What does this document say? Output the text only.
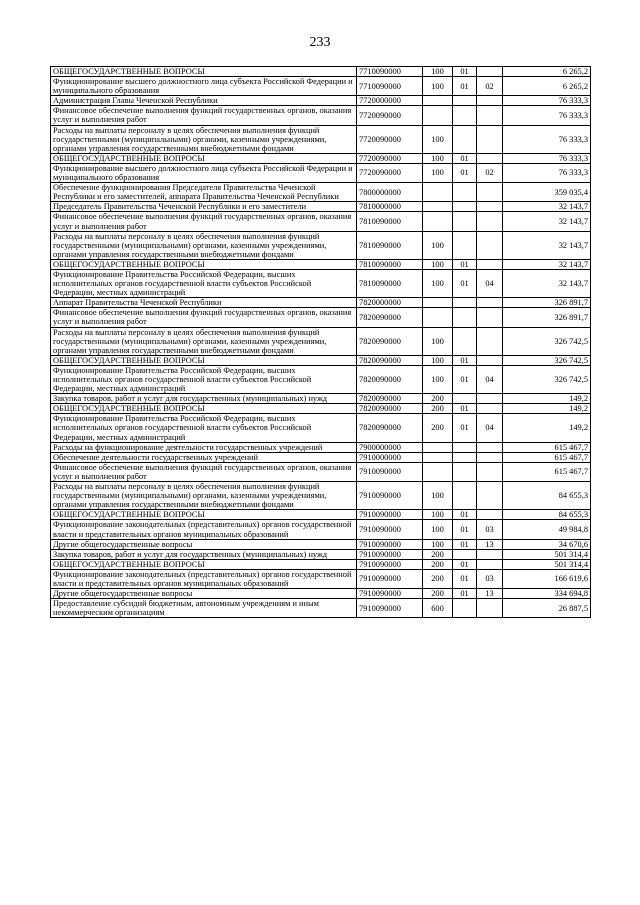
233
ОБЩЕГОСУДАРСТВЕННЫЕ ВОПРОСЫ	7710090000	100	01		6 265,2
Функционирование высшего должностного лица субъекта Российской Федерации и муниципального образования	7710090000	100	01	02	6 265,2
Администрация Главы Чеченской Республики	7720000000				76 333,3
Финансовое обеспечение выполнения функций государственных органов, оказания услуг и выполнения работ	7720090000				76 333,3
Расходы на выплаты персоналу в целях обеспечения выполнения функций государственными (муниципальными) органами, казенными учреждениями, органами управления государственными внебюджетными фондами	7720090000	100			76 333,3
ОБЩЕГОСУДАРСТВЕННЫЕ ВОПРОСЫ	7720090000	100	01		76 333,3
Функционирование высшего должностного лица субъекта Российской Федерации и муниципального образования	7720090000	100	01	02	76 333,3
Обеспечение функционирования Председателя Правительства Чеченской Республики и его заместителей, аппарата Правительства Чеченской Республики	7800000000				359 035,4
Председатель Правительства Чеченской Республики и его заместители	7810000000				32 143,7
Финансовое обеспечение выполнения функций государственных органов, оказания услуг и выполнения работ	7810090000				32 143,7
Расходы на выплаты персоналу в целях обеспечения выполнения функций государственными (муниципальными) органами, казенными учреждениями, органами управления государственными внебюджетными фондами	7810090000	100			32 143,7
ОБЩЕГОСУДАРСТВЕННЫЕ ВОПРОСЫ	7810090000	100	01		32 143,7
Функционирование Правительства Российской Федерации, высших исполнительных органов государственной власти субъектов Российской Федерации, местных администраций	7810090000	100	01	04	32 143,7
Аппарат Правительства Чеченской Республики	7820000000				326 891,7
Финансовое обеспечение выполнения функций государственных органов, оказания услуг и выполнения работ	7820090000				326 891,7
Расходы на выплаты персоналу в целях обеспечения выполнения функций государственными (муниципальными) органами, казенными учреждениями, органами управления государственными внебюджетными фондами	7820090000	100			326 742,5
ОБЩЕГОСУДАРСТВЕННЫЕ ВОПРОСЫ	7820090000	100	01		326 742,5
Функционирование Правительства Российской Федерации, высших исполнительных органов государственной власти субъектов Российской Федерации, местных администраций	7820090000	100	01	04	326 742,5
Закупка товаров, работ и услуг для государственных (муниципальных) нужд	7820090000	200			149,2
ОБЩЕГОСУДАРСТВЕННЫЕ ВОПРОСЫ	7820090000	200	01		149,2
Функционирование Правительства Российской Федерации, высших исполнительных органов государственной власти субъектов Российской Федерации, местных администраций	7820090000	200	01	04	149,2
Расходы на функционирование деятельности государственных учреждений	7900000000				615 467,7
Обеспечение деятельности государственных учреждений	7910000000				615 467,7
Финансовое обеспечение выполнения функций государственных органов, оказания услуг и выполнения работ	7910090000				615 467,7
Расходы на выплаты персоналу в целях обеспечения выполнения функций государственными (муниципальными) органами, казенными учреждениями, органами управления государственными внебюджетными фондами	7910090000	100			84 655,3
ОБЩЕГОСУДАРСТВЕННЫЕ ВОПРОСЫ	7910090000	100	01		84 655,3
Функционирование законодательных (представительных) органов государственной власти и представительных органов муниципальных образований	7910090000	100	01	03	49 984,8
Другие общегосударственные вопросы	7910090000	100	01	13	34 670,6
Закупка товаров, работ и услуг для государственных (муниципальных) нужд	7910090000	200			501 314,4
ОБЩЕГОСУДАРСТВЕННЫЕ ВОПРОСЫ	7910090000	200	01		501 314,4
Функционирование законодательных (представительных) органов государственной власти и представительных органов муниципальных образований	7910090000	200	01	03	166 619,6
Другие общегосударственные вопросы	7910090000	200	01	13	334 694,8
Предоставление субсидий бюджетным, автономным учреждениям и иным некоммерческим организациям	7910090000	600			26 887,5
